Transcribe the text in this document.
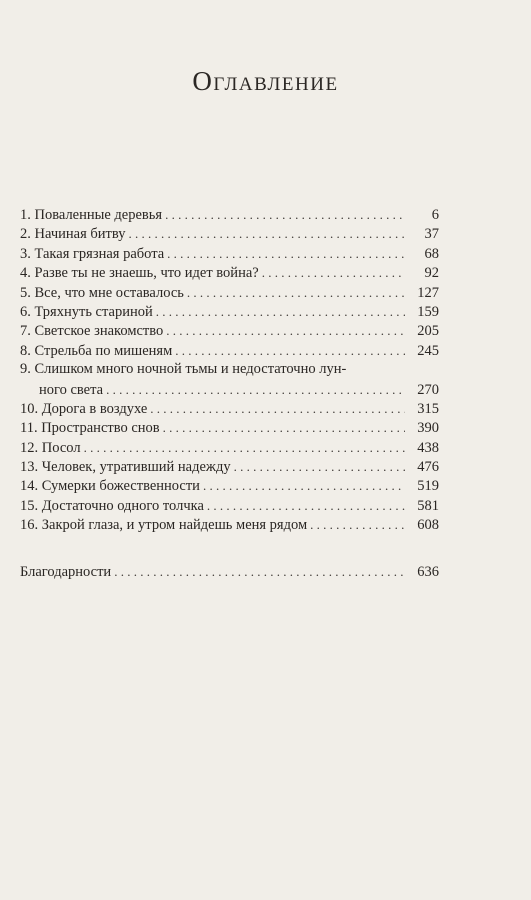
Оглавление
1. Поваленные деревья . . .	6
2. Начиная битву . . .	37
3. Такая грязная работа . . .	68
4. Разве ты не знаешь, что идет война? . . .	92
5. Все, что мне оставалось . . .	127
6. Тряхнуть стариной . . .	159
7. Светское знакомство . . .	205
8. Стрельба по мишеням . . .	245
9. Слишком много ночной тьмы и недостаточно лун-
ного света . . .	270
10. Дорога в воздухе . . .	315
11. Пространство снов . . .	390
12. Посол . . .	438
13. Человек, утративший надежду . . .	476
14. Сумерки божественности . . .	519
15. Достаточно одного толчка . . .	581
16. Закрой глаза, и утром найдешь меня рядом . . .	608
Благодарности . . .	636
